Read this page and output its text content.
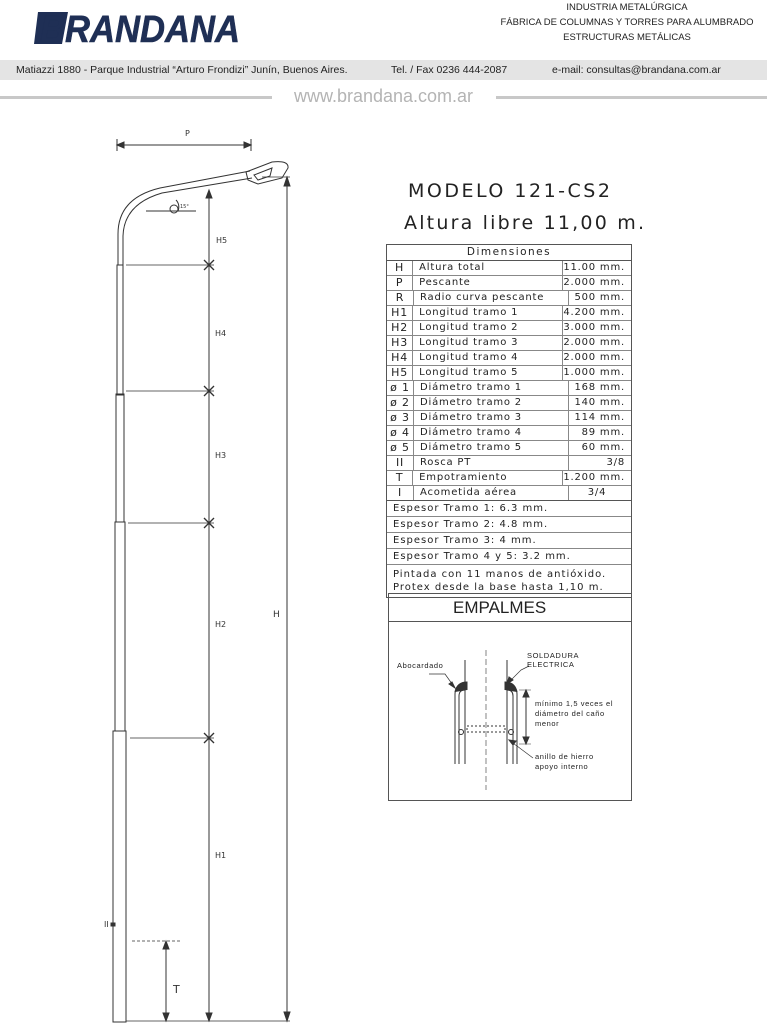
BRANDANA
INDUSTRIA METALÚRGICA
FÁBRICA DE COLUMNAS Y TORRES PARA ALUMBRADO
ESTRUCTURAS METÁLICAS
Matiazzi 1880 - Parque Industrial “Arturo Frondizi” Junín, Buenos Aires.	Tel. / Fax 0236 444-2087	e-mail: consultas@brandana.com.ar
www.brandana.com.ar
P
15°
H5
H4
H3
H2
H1
H
II
T
MODELO 121-CS2
Altura libre 11,00 m.
Dimensiones
H	Altura total	11.00 mm.
P	Pescante	2.000 mm.
R	Radio curva pescante	500 mm.
H1	Longitud tramo 1	4.200 mm.
H2	Longitud tramo 2	3.000 mm.
H3	Longitud tramo 3	2.000 mm.
H4	Longitud tramo 4	2.000 mm.
H5	Longitud tramo 5	1.000 mm.
ø 1	Diámetro tramo 1	168 mm.
ø 2	Diámetro tramo 2	140 mm.
ø 3	Diámetro tramo 3	114 mm.
ø 4	Diámetro tramo 4	89 mm.
ø 5	Diámetro tramo 5	60 mm.
II	Rosca PT	3/8
T	Empotramiento	1.200 mm.
I	Acometida aérea	3/4
Espesor Tramo 1: 6.3 mm.
Espesor Tramo 2: 4.8 mm.
Espesor Tramo 3: 4 mm.
Espesor Tramo 4 y 5: 3.2 mm.
Pintada con 11 manos de antióxido.
Protex desde la base hasta 1,10 m.
EMPALMES
Abocardado
SOLDADURA
ELECTRICA
mínimo 1,5 veces el
diámetro del caño
menor
anillo de hierro
apoyo interno
